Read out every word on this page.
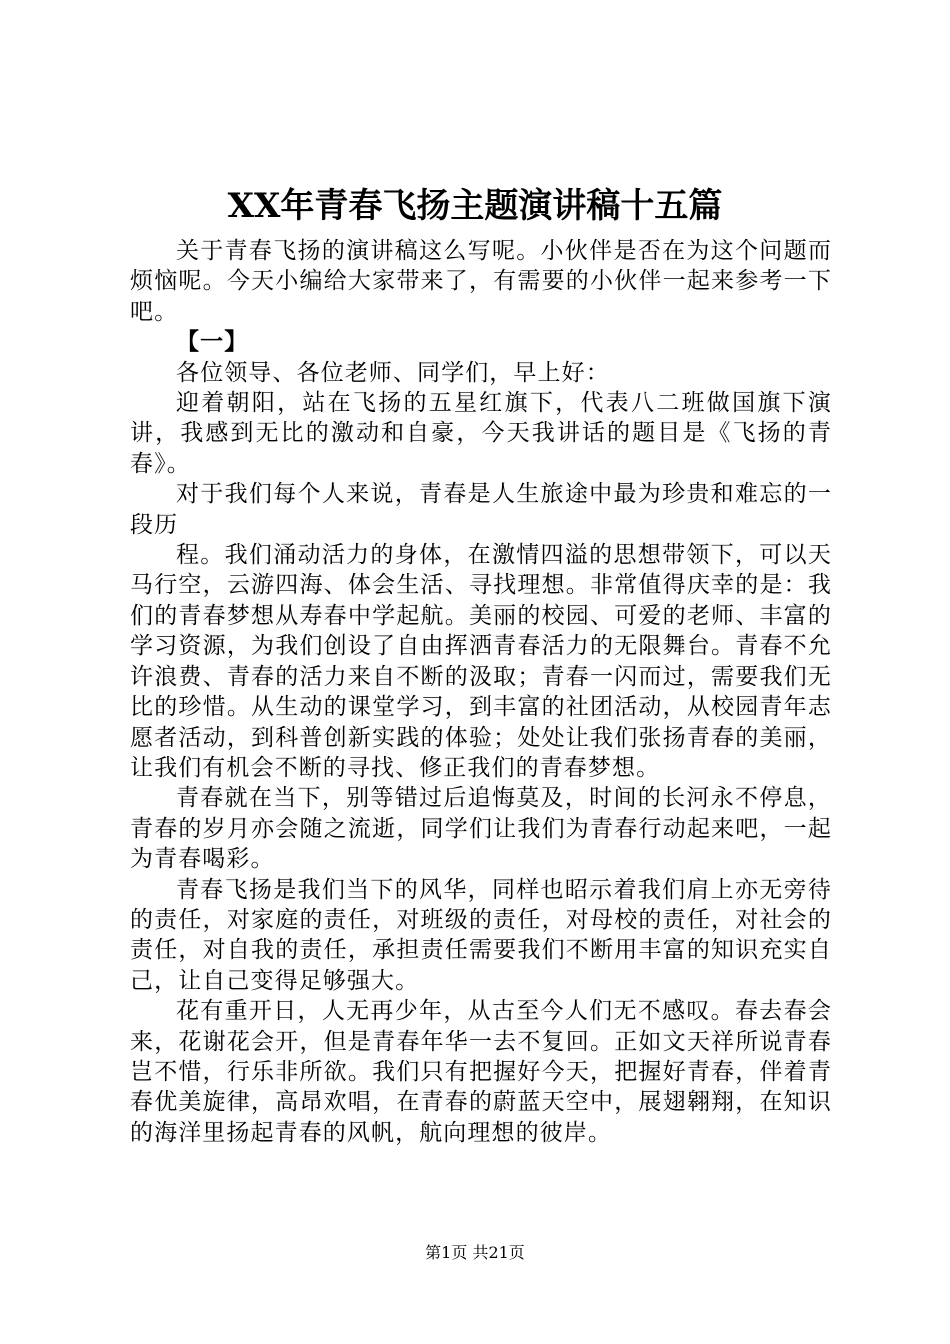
XX年青春飞扬主题演讲稿十五篇

关于青春飞扬的演讲稿这么写呢。小伙伴是否在为这个问题而烦恼呢。今天小编给大家带来了，有需要的小伙伴一起来参考一下吧。

【一】

各位领导、各位老师、同学们，早上好：

迎着朝阳，站在飞扬的五星红旗下，代表八二班做国旗下演讲，我感到无比的激动和自豪，今天我讲话的题目是《飞扬的青春》。

对于我们每个人来说，青春是人生旅途中最为珍贵和难忘的一段历

程。我们涌动活力的身体，在激情四溢的思想带领下，可以天马行空，云游四海、体会生活、寻找理想。非常值得庆幸的是：我们的青春梦想从寿春中学起航。美丽的校园、可爱的老师、丰富的学习资源，为我们创设了自由挥洒青春活力的无限舞台。青春不允许浪费、青春的活力来自不断的汲取；青春一闪而过，需要我们无比的珍惜。从生动的课堂学习，到丰富的社团活动，从校园青年志愿者活动，到科普创新实践的体验；处处让我们张扬青春的美丽，让我们有机会不断的寻找、修正我们的青春梦想。

青春就在当下，别等错过后追悔莫及，时间的长河永不停息，青春的岁月亦会随之流逝，同学们让我们为青春行动起来吧，一起为青春喝彩。

青春飞扬是我们当下的风华，同样也昭示着我们肩上亦无旁待的责任，对家庭的责任，对班级的责任，对母校的责任，对社会的责任，对自我的责任，承担责任需要我们不断用丰富的知识充实自己，让自己变得足够强大。

花有重开日，人无再少年，从古至今人们无不感叹。春去春会来，花谢花会开，但是青春年华一去不复回。正如文天祥所说青春岂不惜，行乐非所欲。我们只有把握好今天，把握好青春，伴着青春优美旋律，高昂欢唱，在青春的蔚蓝天空中，展翅翱翔，在知识的海洋里扬起青春的风帆，航向理想的彼岸。

第1页 共21页
